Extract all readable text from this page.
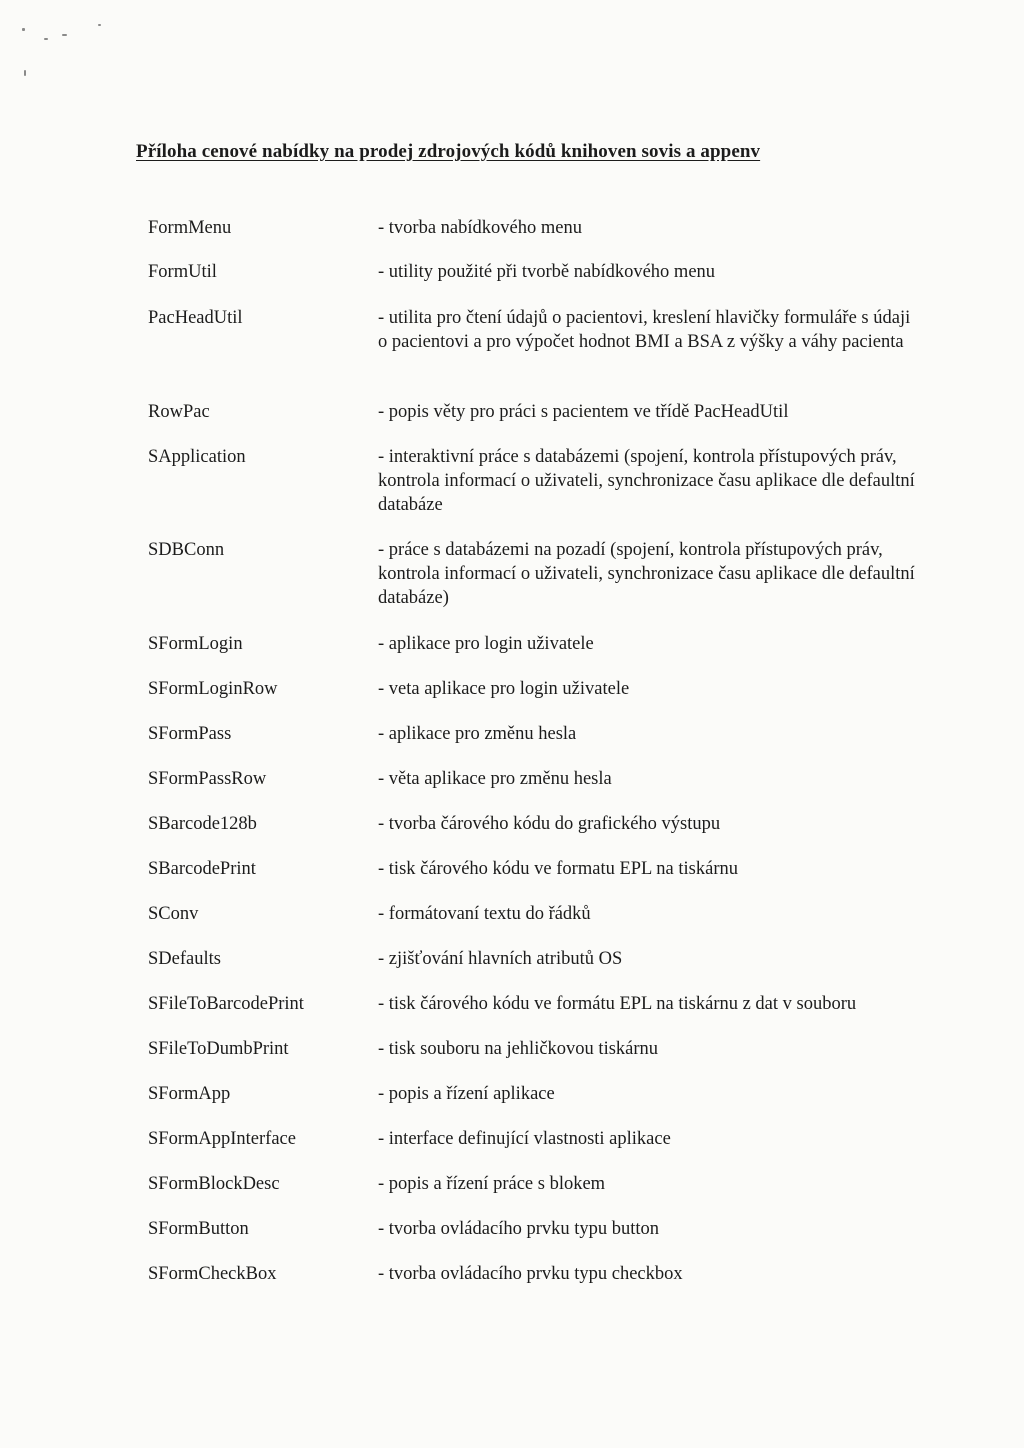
Příloha cenové nabídky na prodej zdrojových kódů knihoven sovis a appenv
FormMenu	- tvorba nabídkového menu
FormUtil	- utility použité při tvorbě nabídkového menu
PacHeadUtil	- utilita pro čtení údajů o pacientovi, kreslení hlavičky formuláře s údaji o pacientovi a pro výpočet hodnot BMI a BSA z výšky a váhy pacienta
RowPac	- popis věty pro práci s pacientem ve třídě PacHeadUtil
SApplication	- interaktivní práce s databázemi (spojení, kontrola přístupových práv, kontrola informací o uživateli, synchronizace času aplikace dle defaultní databáze
SDBConn	- práce s databázemi na pozadí (spojení, kontrola přístupových práv, kontrola informací o uživateli, synchronizace času aplikace dle defaultní databáze)
SFormLogin	- aplikace pro login uživatele
SFormLoginRow	- veta aplikace pro login uživatele
SFormPass	- aplikace pro změnu hesla
SFormPassRow	- věta aplikace pro změnu hesla
SBarcode128b	- tvorba čárového kódu do grafického výstupu
SBarcodePrint	- tisk čárového kódu ve formatu EPL na tiskárnu
SConv	- formátovaní textu do řádků
SDefaults	- zjišťování hlavních atributů OS
SFileToBarcodePrint	- tisk čárového kódu ve formátu EPL na tiskárnu z dat v souboru
SFileToDumbPrint	- tisk souboru na jehličkovou tiskárnu
SFormApp	- popis a řízení aplikace
SFormAppInterface	- interface definující vlastnosti aplikace
SFormBlockDesc	- popis a řízení práce s blokem
SFormButton	- tvorba ovládacího prvku typu button
SFormCheckBox	- tvorba ovládacího prvku typu checkbox
